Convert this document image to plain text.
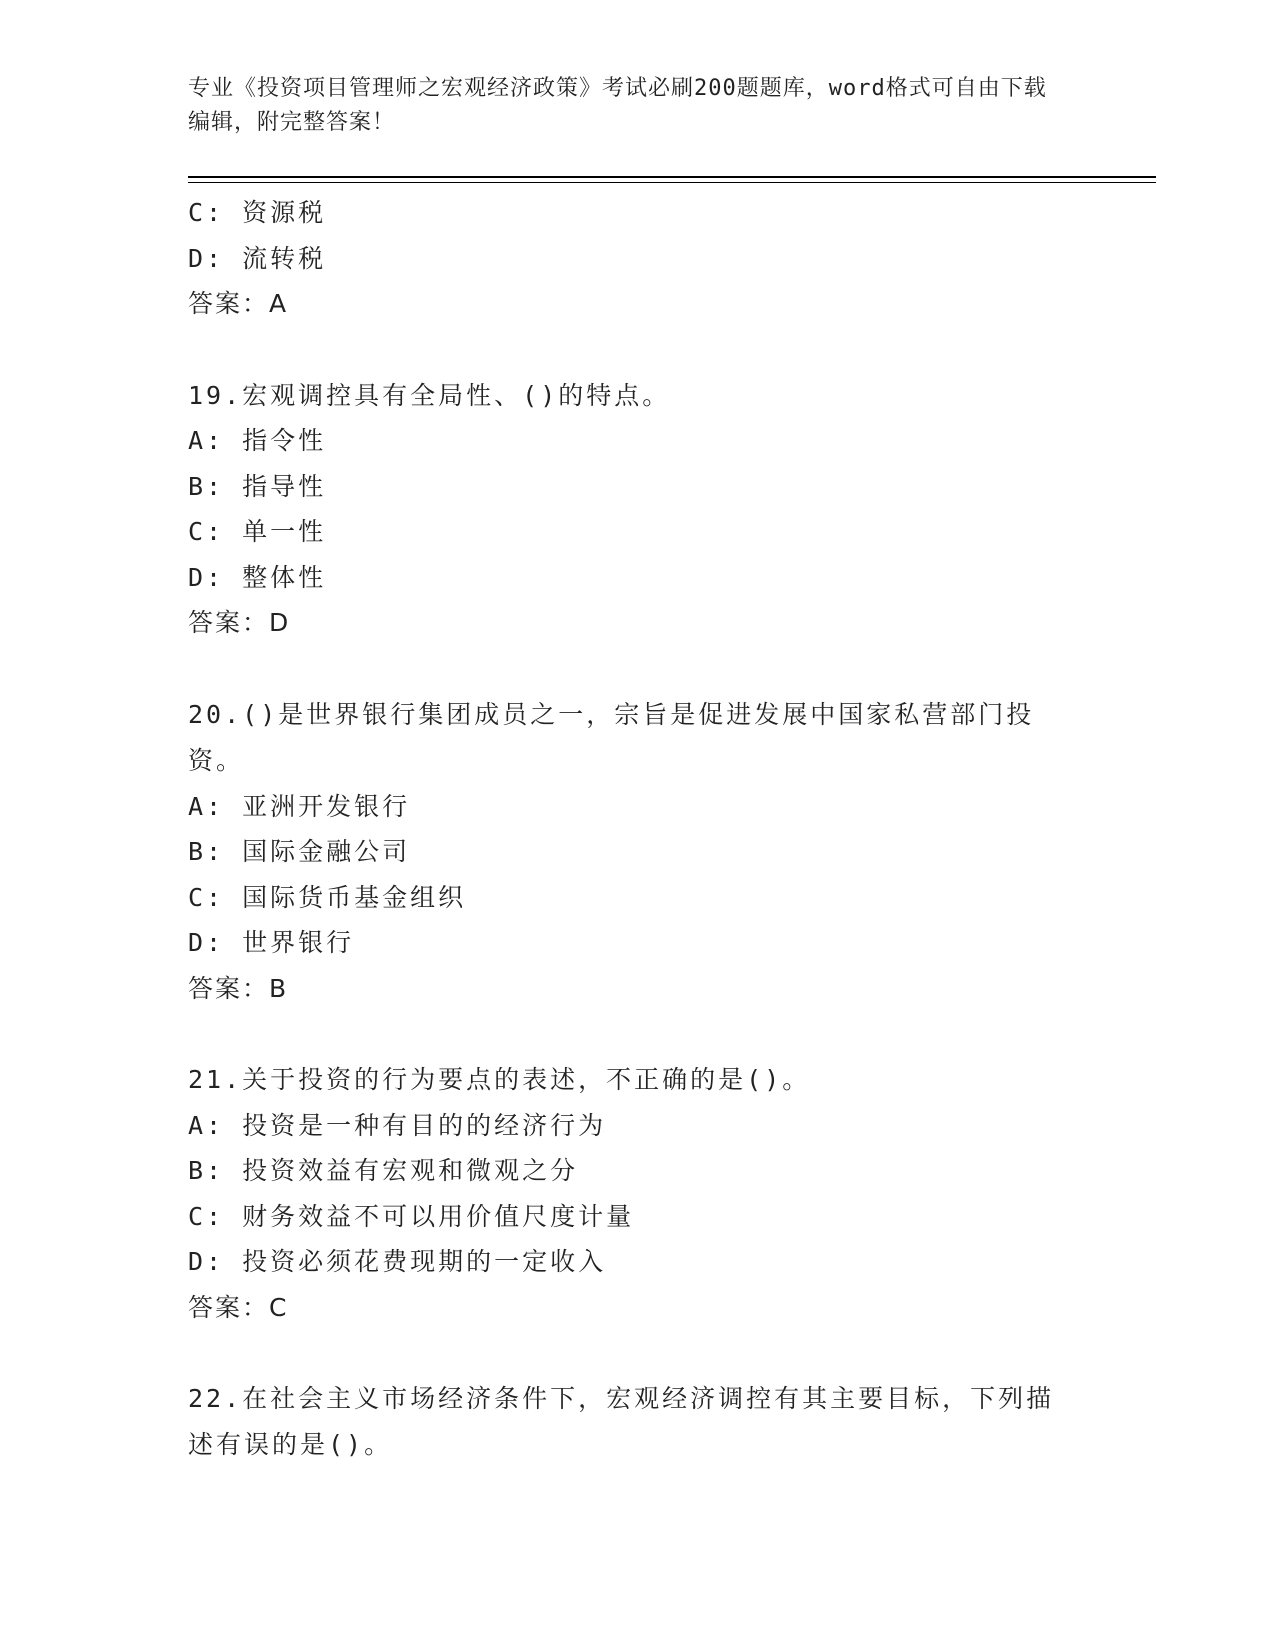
专业《投资项目管理师之宏观经济政策》考试必刷200题题库，word格式可自由下载编辑，附完整答案！
C: 资源税
D: 流转税
答案：A
19.宏观调控具有全局性、()的特点。
A: 指令性
B: 指导性
C: 单一性
D: 整体性
答案：D
20.()是世界银行集团成员之一，宗旨是促进发展中国家私营部门投资。
A: 亚洲开发银行
B: 国际金融公司
C: 国际货币基金组织
D: 世界银行
答案：B
21.关于投资的行为要点的表述，不正确的是()。
A: 投资是一种有目的的经济行为
B: 投资效益有宏观和微观之分
C: 财务效益不可以用价值尺度计量
D: 投资必须花费现期的一定收入
答案：C
22.在社会主义市场经济条件下，宏观经济调控有其主要目标，下列描述有误的是()。
